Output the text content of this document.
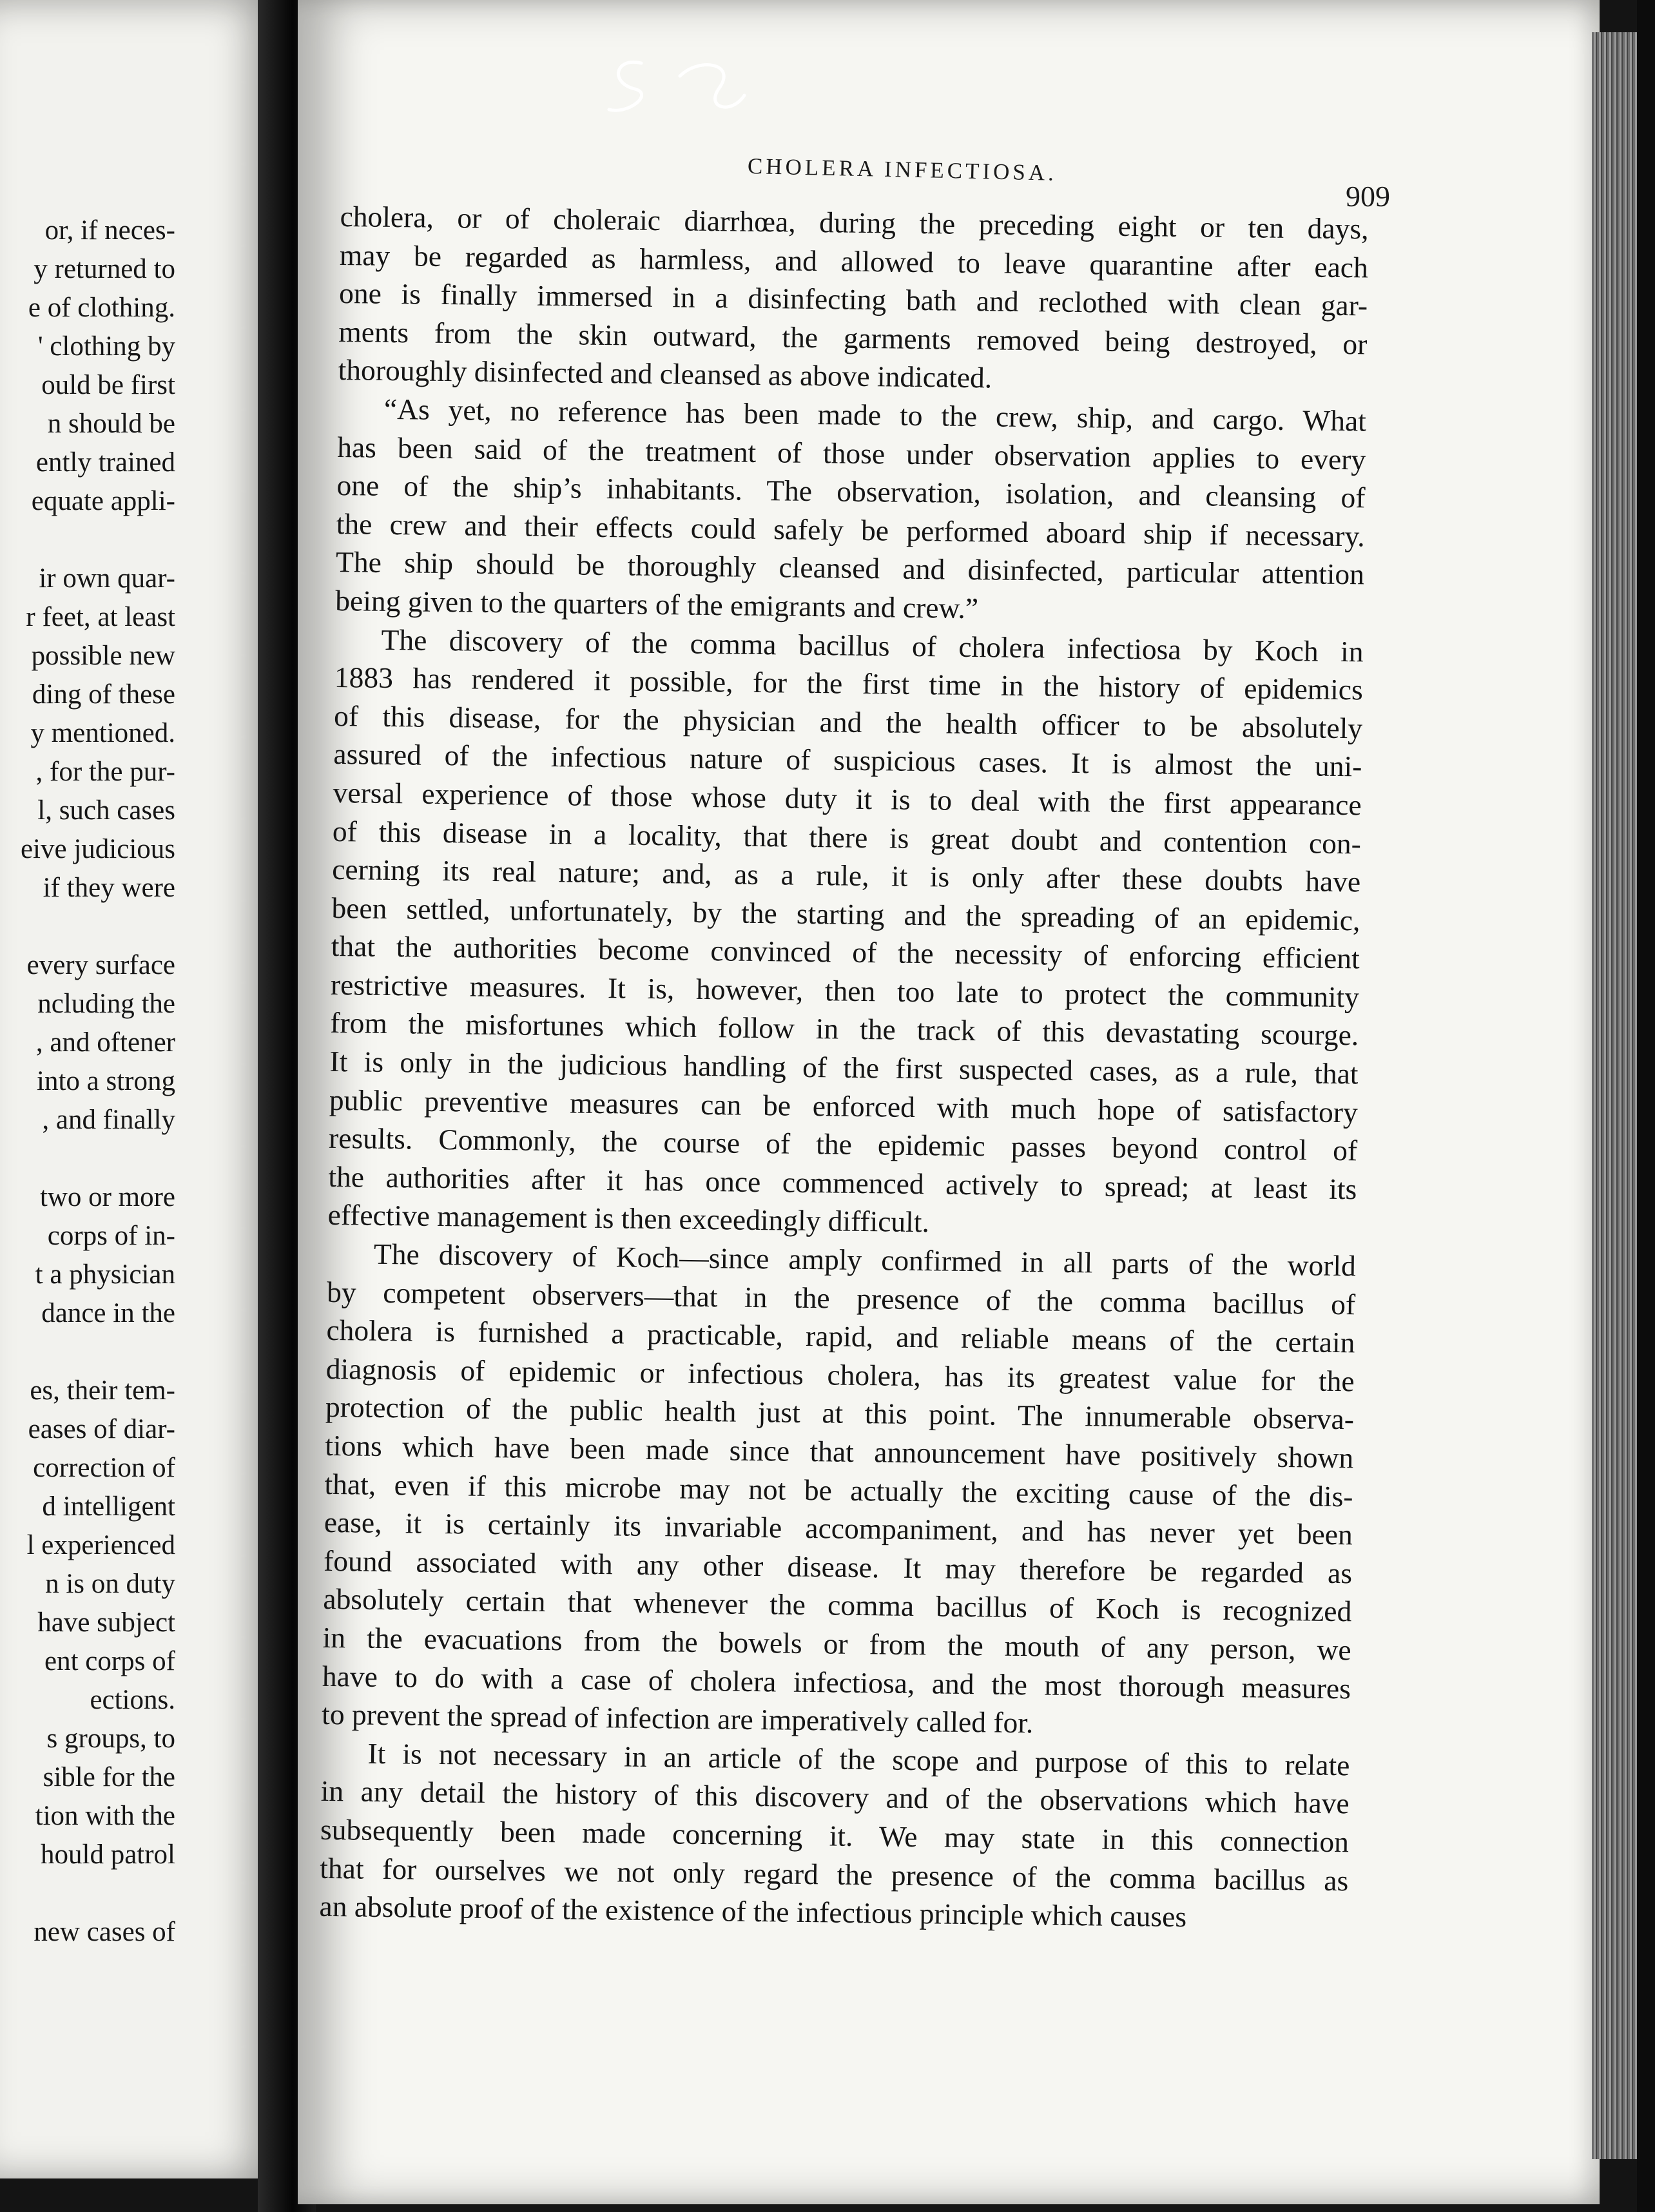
or, if neces-
y returned to
e of clothing.
' clothing by
ould be first
n should be
ently trained
equate appli-
ir own quar-
r feet, at least
possible new
ding of these
y mentioned.
, for the pur-
l, such cases
eive judicious
if they were
every surface
ncluding the
, and oftener
into a strong
, and finally
two or more
corps of in-
t a physician
dance in the
es, their tem-
eases of diar-
correction of
d intelligent
l experienced
n is on duty
have subject
ent corps of
ections.
s groups, to
sible for the
tion with the
hould patrol
new cases of
CHOLERA INFECTIOSA.
909
cholera, or of choleraic diarrhœa, during the preceding eight or ten days,
may be regarded as harmless, and allowed to leave quarantine after each
one is finally immersed in a disinfecting bath and reclothed with clean gar-
ments from the skin outward, the garments removed being destroyed, or
thoroughly disinfected and cleansed as above indicated.
“As yet, no reference has been made to the crew, ship, and cargo. What
has been said of the treatment of those under observation applies to every
one of the ship’s inhabitants. The observation, isolation, and cleansing of
the crew and their effects could safely be performed aboard ship if necessary.
The ship should be thoroughly cleansed and disinfected, particular attention
being given to the quarters of the emigrants and crew.”
The discovery of the comma bacillus of cholera infectiosa by Koch in
1883 has rendered it possible, for the first time in the history of epidemics
of this disease, for the physician and the health officer to be absolutely
assured of the infectious nature of suspicious cases. It is almost the uni-
versal experience of those whose duty it is to deal with the first appearance
of this disease in a locality, that there is great doubt and contention con-
cerning its real nature; and, as a rule, it is only after these doubts have
been settled, unfortunately, by the starting and the spreading of an epidemic,
that the authorities become convinced of the necessity of enforcing efficient
restrictive measures. It is, however, then too late to protect the community
from the misfortunes which follow in the track of this devastating scourge.
It is only in the judicious handling of the first suspected cases, as a rule, that
public preventive measures can be enforced with much hope of satisfactory
results. Commonly, the course of the epidemic passes beyond control of
the authorities after it has once commenced actively to spread; at least its
effective management is then exceedingly difficult.
The discovery of Koch—since amply confirmed in all parts of the world
by competent observers—that in the presence of the comma bacillus of
cholera is furnished a practicable, rapid, and reliable means of the certain
diagnosis of epidemic or infectious cholera, has its greatest value for the
protection of the public health just at this point. The innumerable observa-
tions which have been made since that announcement have positively shown
that, even if this microbe may not be actually the exciting cause of the dis-
ease, it is certainly its invariable accompaniment, and has never yet been
found associated with any other disease. It may therefore be regarded as
absolutely certain that whenever the comma bacillus of Koch is recognized
in the evacuations from the bowels or from the mouth of any person, we
have to do with a case of cholera infectiosa, and the most thorough measures
to prevent the spread of infection are imperatively called for.
It is not necessary in an article of the scope and purpose of this to relate
in any detail the history of this discovery and of the observations which have
subsequently been made concerning it. We may state in this connection
that for ourselves we not only regard the presence of the comma bacillus as
an absolute proof of the existence of the infectious principle which causes
